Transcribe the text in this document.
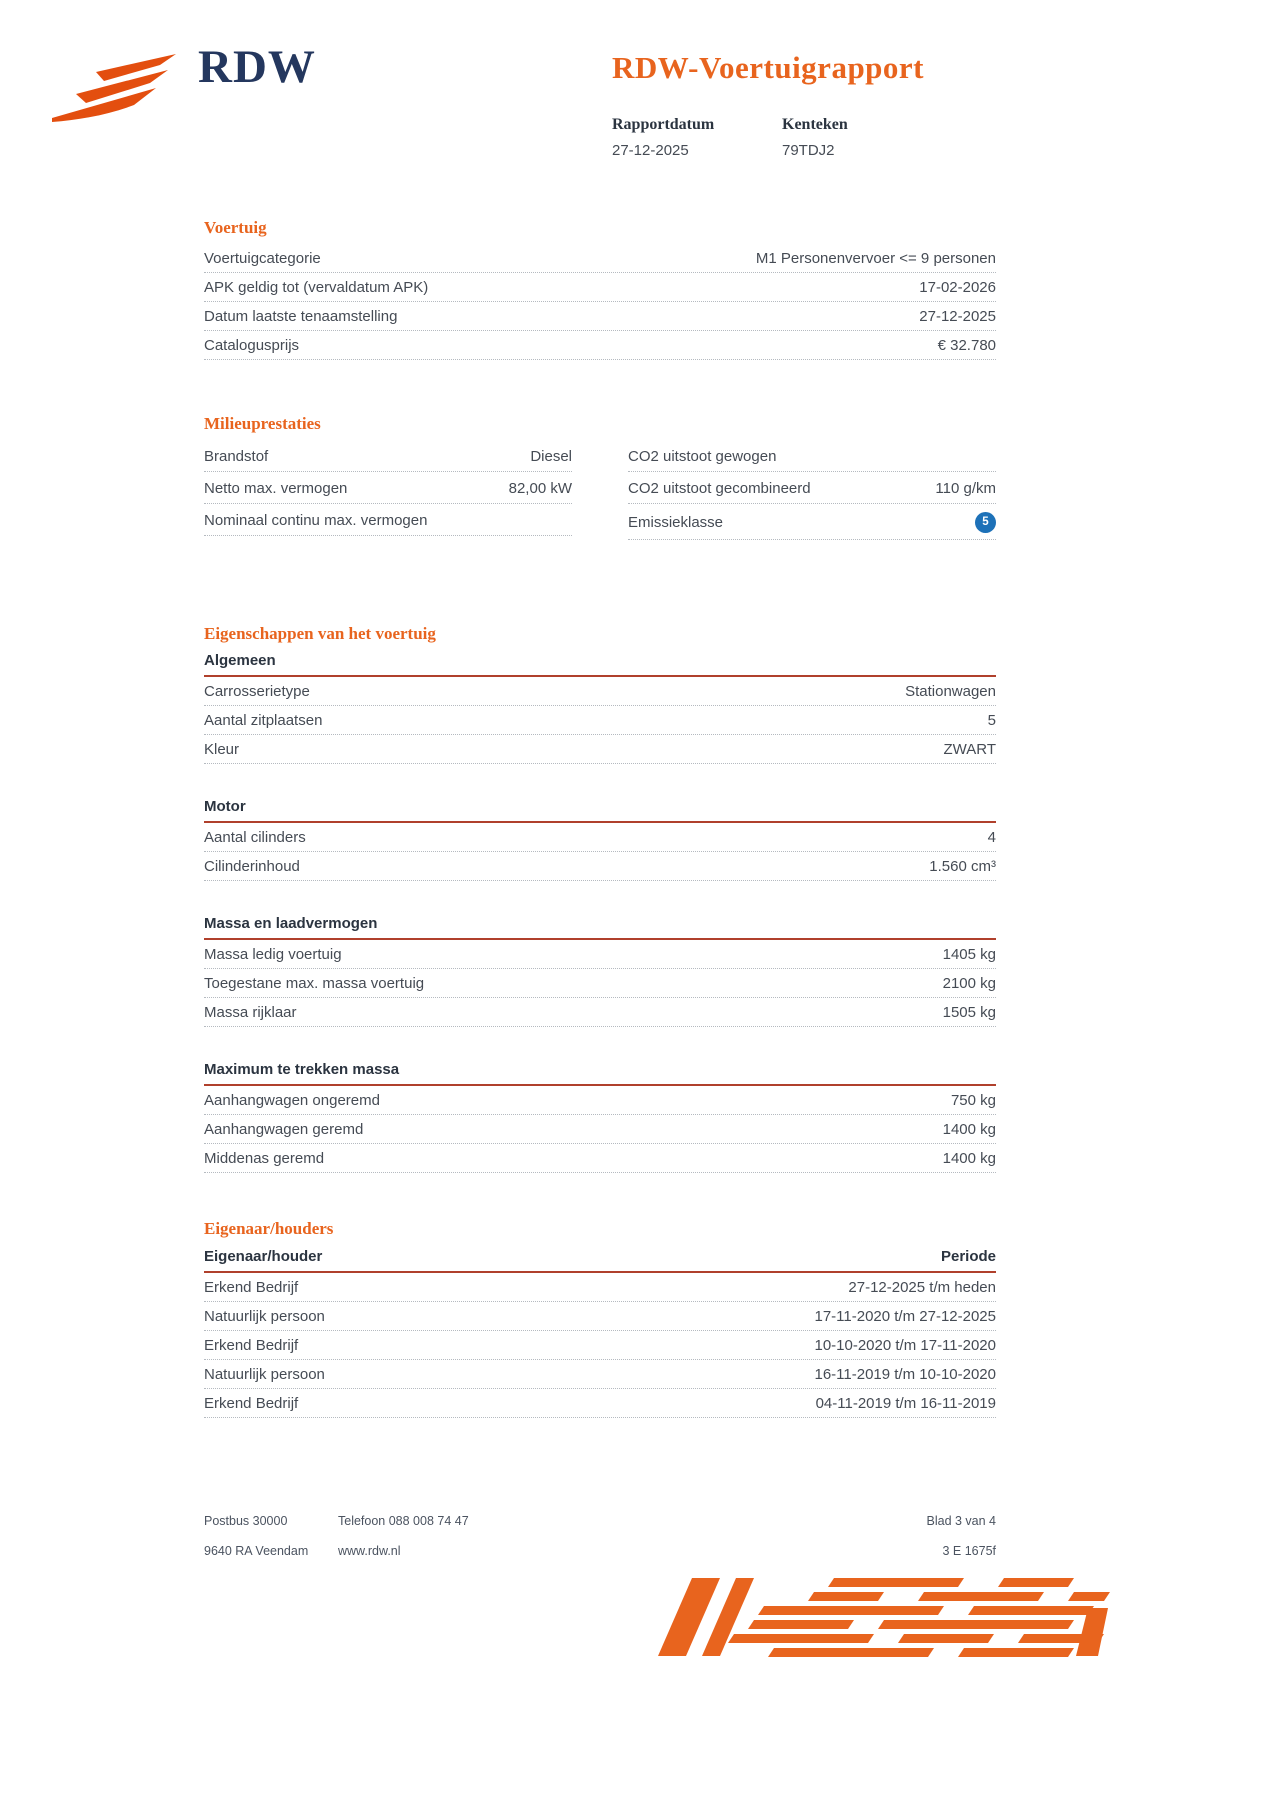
RDW	RDW-Voertuigrapport
Rapportdatum
27-12-2025
Kenteken
79TDJ2
Voertuig
Voertuigcategorie	M1 Personenvervoer <= 9 personen
APK geldig tot (vervaldatum APK)	17-02-2026
Datum laatste tenaamstelling	27-12-2025
Catalogusprijs	€ 32.780
Milieuprestaties
Brandstof	Diesel
Netto max. vermogen	82,00 kW
Nominaal continu max. vermogen
CO2 uitstoot gewogen
CO2 uitstoot gecombineerd	110 g/km
Emissieklasse	5
Eigenschappen van het voertuig
Algemeen
Carrosserietype	Stationwagen
Aantal zitplaatsen	5
Kleur	ZWART
Motor
Aantal cilinders	4
Cilinderinhoud	1.560 cm³
Massa en laadvermogen
Massa ledig voertuig	1405 kg
Toegestane max. massa voertuig	2100 kg
Massa rijklaar	1505 kg
Maximum te trekken massa
Aanhangwagen ongeremd	750 kg
Aanhangwagen geremd	1400 kg
Middenas geremd	1400 kg
Eigenaar/houders
Eigenaar/houder	Periode
Erkend Bedrijf	27-12-2025 t/m heden
Natuurlijk persoon	17-11-2020 t/m 27-12-2025
Erkend Bedrijf	10-10-2020 t/m 17-11-2020
Natuurlijk persoon	16-11-2019 t/m 10-10-2020
Erkend Bedrijf	04-11-2019 t/m 16-11-2019
Postbus 30000	Telefoon 088 008 74 47	Blad 3 van 4
9640 RA Veendam	www.rdw.nl	3 E 1675f
